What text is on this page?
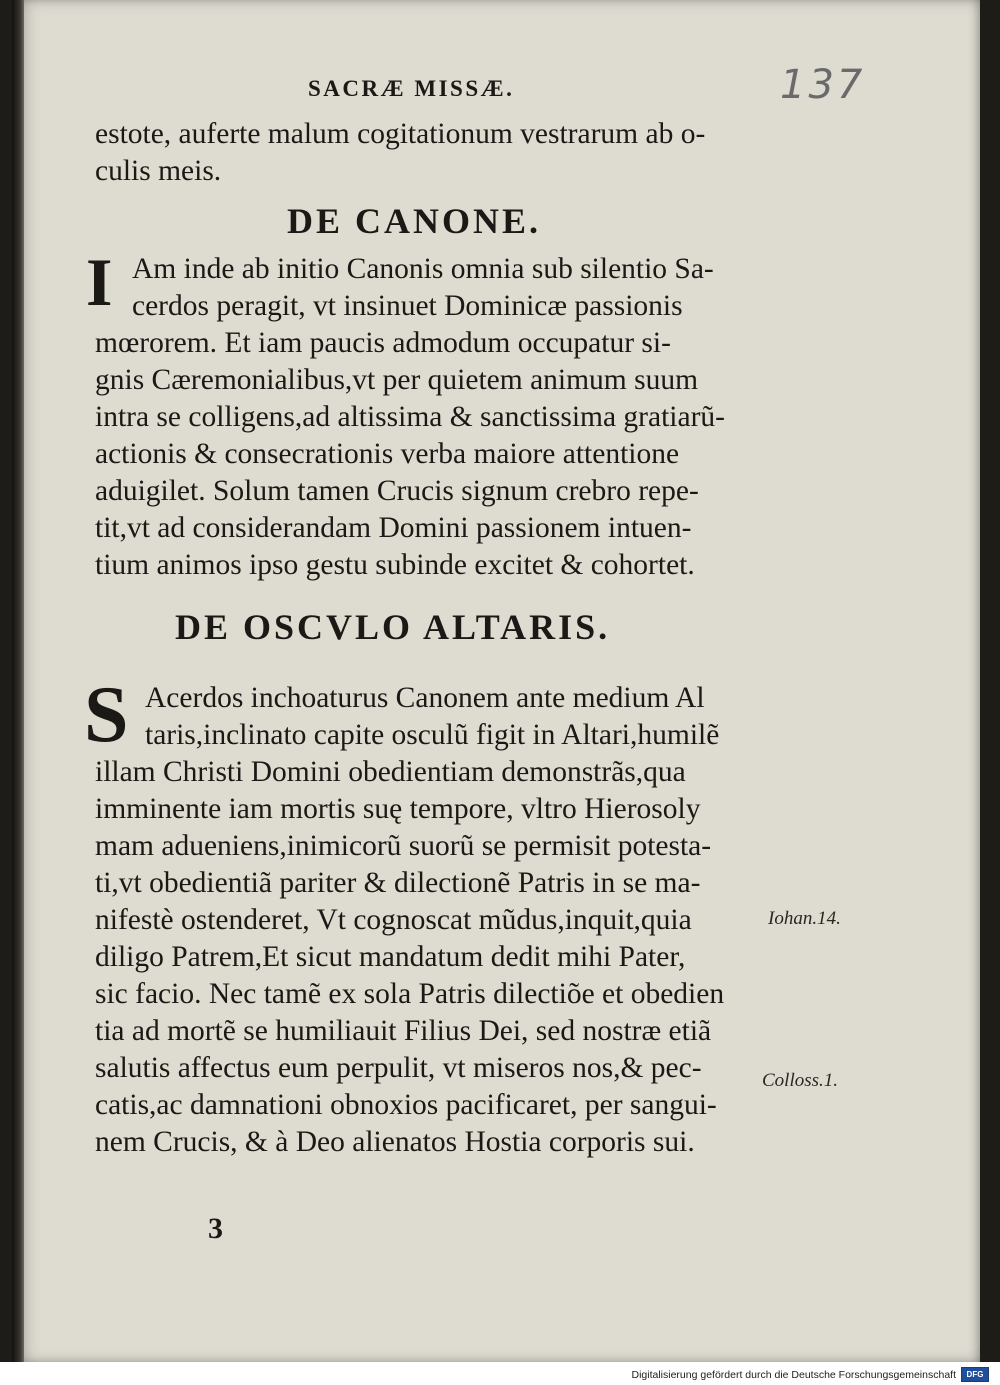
SACRÆ MISSÆ.	137
estote, auferte malum cogitationum vestrarum ab o-
culis meis.
DE CANONE.
I Am inde ab initio Canonis omnia sub silentio Sa-
cerdos peragit, vt insinuet Dominicæ passionis
mœrorem. Et iam paucis admodum occupatur si-
gnis Cæremonialibus,vt per quietem animum suum
intra se colligens,ad altissima & sanctissima gratiarũ-
actionis & consecrationis verba maiore attentione
aduigilet. Solum tamen Crucis signum crebro repe-
tit,vt ad considerandam Domini passionem intuen-
tium animos ipso gestu subinde excitet & cohortet.
DE OSCVLO ALTARIS.
S Acerdos inchoaturus Canonem ante medium Al
taris,inclinato capite osculũ figit in Altari,humilẽ
illam Christi Domini obedientiam demonstrãs,qua
imminente iam mortis suę tempore, vltro Hierosoly
mam adueniens,inimicorũ suorũ se permisit potesta-
ti,vt obedientiã pariter & dilectionẽ Patris in se ma-
nifestè ostenderet, Vt cognoscat mũdus,inquit,quia
diligo Patrem,Et sicut mandatum dedit mihi Pater,
sic facio. Nec tamẽ ex sola Patris dilectiõe et obedien
tia ad mortẽ se humiliauit Filius Dei, sed nostræ etiã
salutis affectus eum perpulit, vt miseros nos,& pec-
catis,ac damnationi obnoxios pacificaret, per sangui-
nem Crucis, & à Deo alienatos Hostia corporis sui.
Iohan.14.
Colloss.1.
3
Digitalisierung gefördert durch die Deutsche Forschungsgemeinschaft	DFG
